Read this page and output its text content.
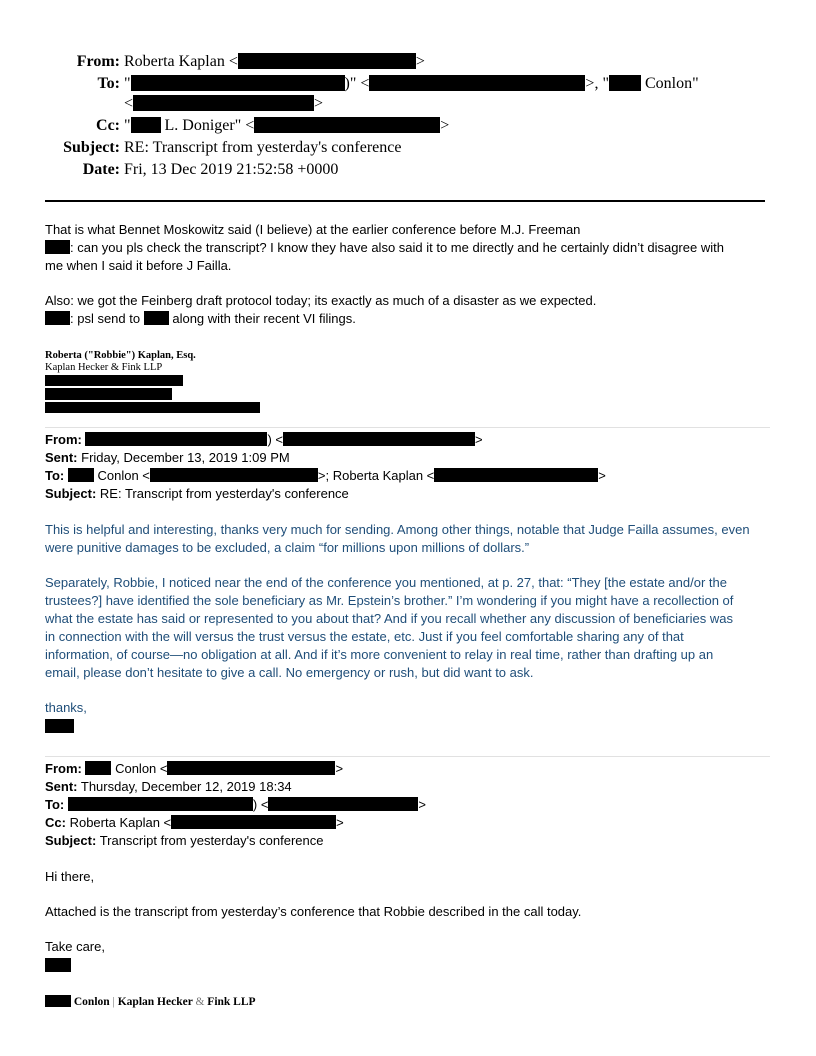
From: Roberta Kaplan <	>
To: "	)" <	>, " Conlon"
<	>
Cc: " L. Doniger" <	>
Subject: RE: Transcript from yesterday's conference
Date: Fri, 13 Dec 2019 21:52:58 +0000
That is what Bennet Moskowitz said (I believe) at the earlier conference before M.J. Freeman
: can you pls check the transcript? I know they have also said it to me directly and he certainly didn’t disagree with
me when I said it before J Failla.
Also: we got the Feinberg draft protocol today; its exactly as much of a disaster as we expected.
: psl send to  along with their recent VI filings.
Roberta ("Robbie") Kaplan, Esq.
Kaplan Hecker & Fink LLP
From:	) <	>
Sent: Friday, December 13, 2019 1:09 PM
To:  Conlon <	>; Roberta Kaplan <	>
Subject: RE: Transcript from yesterday's conference
This is helpful and interesting, thanks very much for sending. Among other things, notable that Judge Failla assumes, even
were punitive damages to be excluded, a claim “for millions upon millions of dollars.”
Separately, Robbie, I noticed near the end of the conference you mentioned, at p. 27, that: “They [the estate and/or the
trustees?] have identified the sole beneficiary as Mr. Epstein’s brother.” I’m wondering if you might have a recollection of
what the estate has said or represented to you about that? And if you recall whether any discussion of beneficiaries was
in connection with the will versus the trust versus the estate, etc. Just if you feel comfortable sharing any of that
information, of course—no obligation at all. And if it’s more convenient to relay in real time, rather than drafting up an
email, please don’t hesitate to give a call. No emergency or rush, but did want to ask.
thanks,
From:  Conlon <	>
Sent: Thursday, December 12, 2019 18:34
To:	) <	>
Cc: Roberta Kaplan <	>
Subject: Transcript from yesterday's conference
Hi there,
Attached is the transcript from yesterday’s conference that Robbie described in the call today.
Take care,
Conlon | Kaplan Hecker & Fink LLP
